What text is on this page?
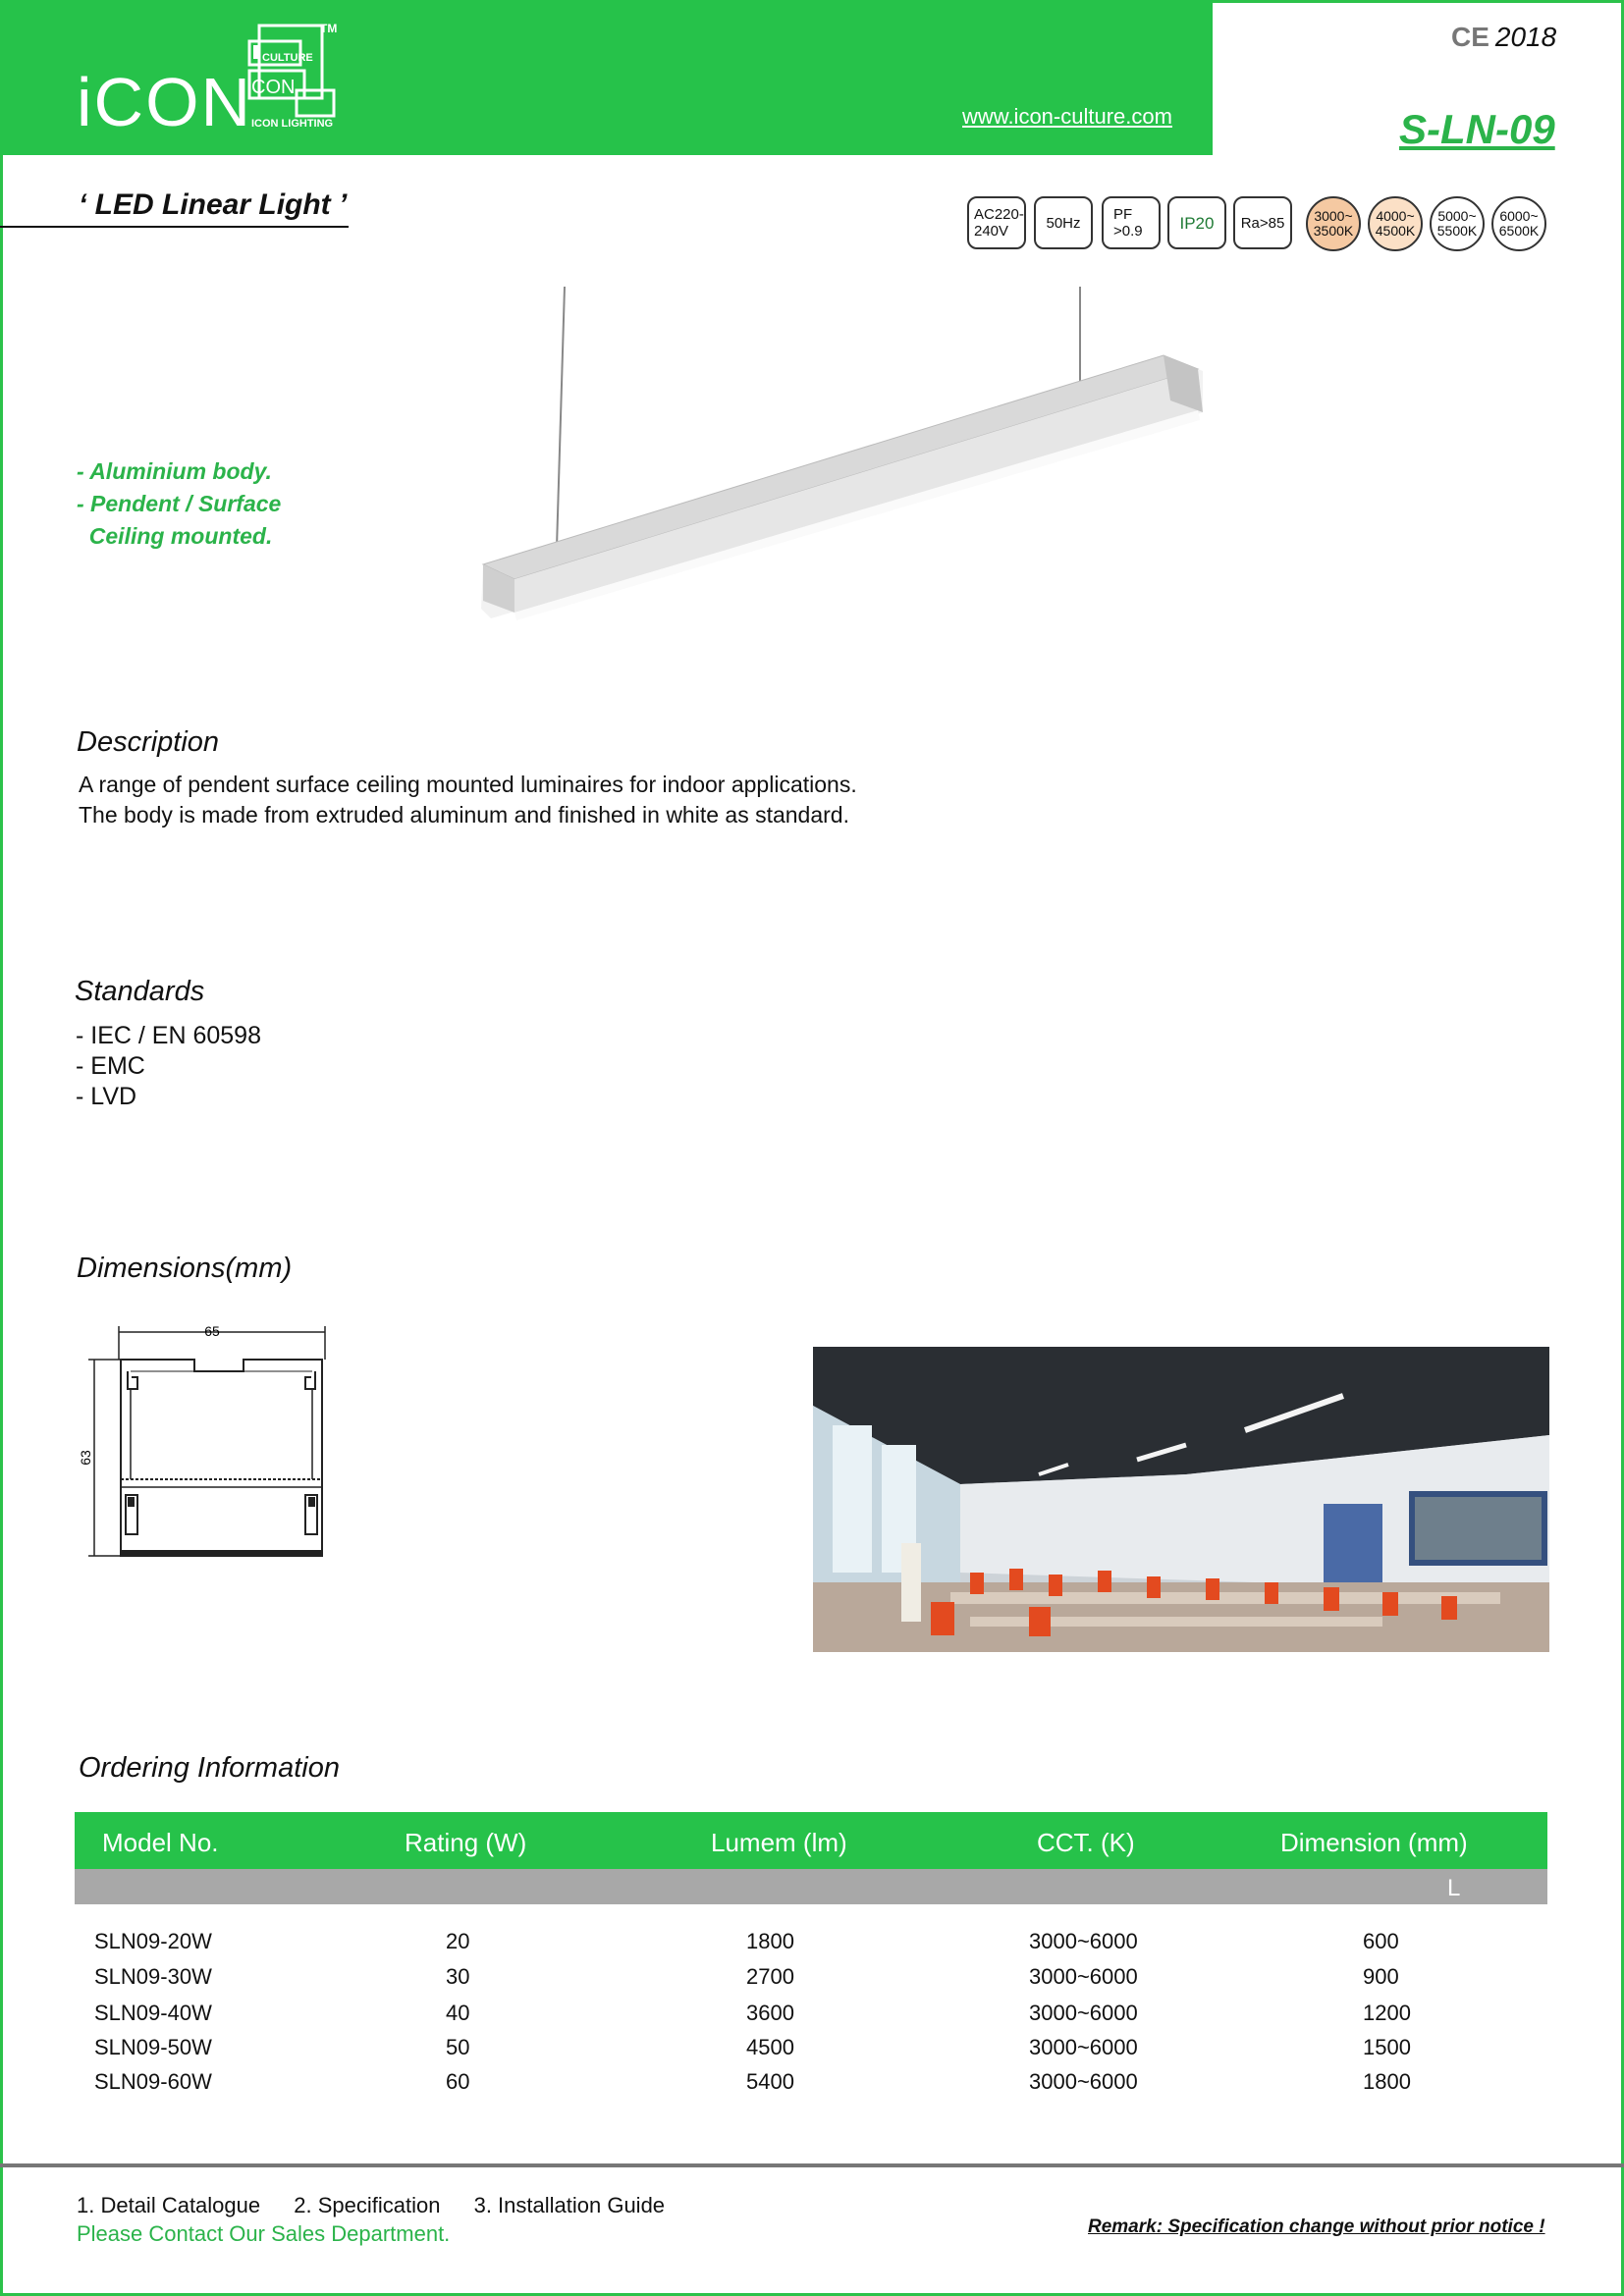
iCON
CULTURE
CON
TM
ICON LIGHTING	www.icon-culture.com
CE 2018
S-LN-09
‘ LED Linear Light ’	AC220-
240V	50Hz PF
>0.9 IP20 Ra>85 3000~
3500K
4000~
4500K
5000~
5500K
6000~
6500K
- Aluminium body.
- Pendent / Surface
Ceiling mounted.
Description
A range of pendent surface ceiling mounted luminaires for indoor applications.
The body is made from extruded aluminum and finished in white as standard.
Standards
- IEC / EN 60598
- EMC
- LVD
Dimensions(mm)
65
63
Ordering Information
Model No.	Rating (W)	Lumem (lm)	CCT. (K)	Dimension (mm)
L
SLN09-20W	20	1800	3000~6000	600
SLN09-30W	30	2700	3000~6000	900
SLN09-40W	40	3600	3000~6000	1200
SLN09-50W	50	4500	3000~6000	1500
SLN09-60W	60	5400	3000~6000	1800
1. Detail Catalogue 2. Specification 3. Installation Guide
Please Contact Our Sales Department.	Remark: Specification change without prior notice !
